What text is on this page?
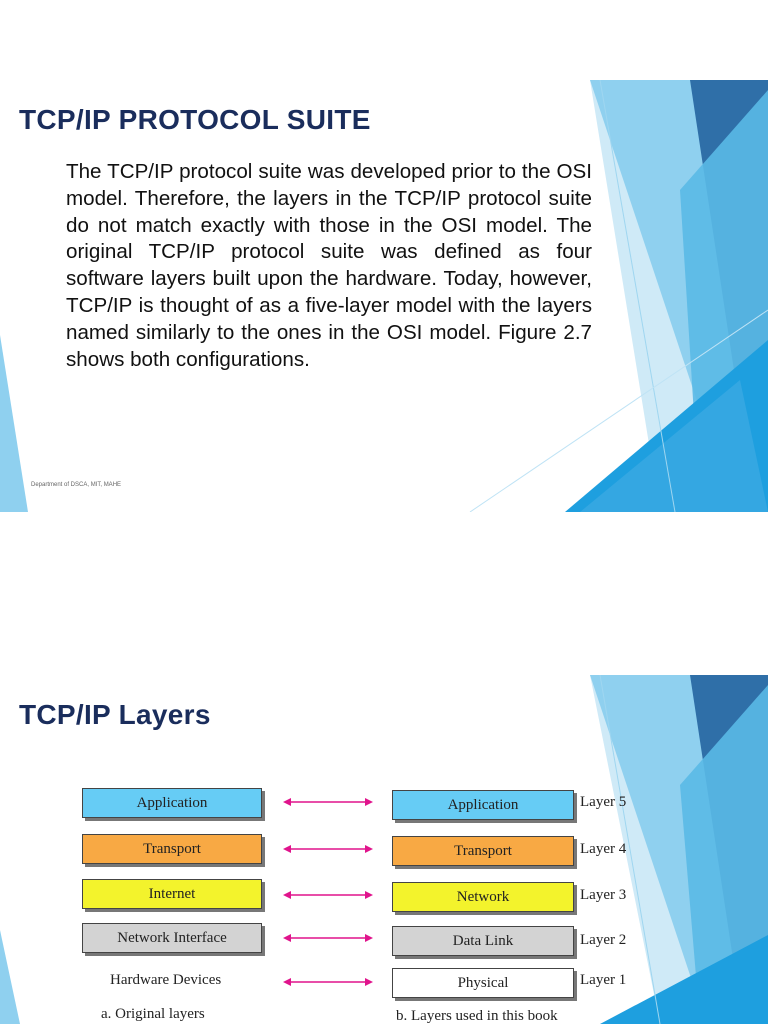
TCP/IP PROTOCOL SUITE

The TCP/IP protocol suite was developed prior to the OSI model. Therefore, the layers in the TCP/IP protocol suite do not match exactly with those in the OSI model. The original TCP/IP protocol suite was defined as four software layers built upon the hardware. Today, however, TCP/IP is thought of as a five-layer model with the layers named similarly to the ones in the OSI model. Figure 2.7 shows both configurations.

Department of DSCA, MIT, MAHE
TCP/IP Layers
Application
Transport
Internet
Network Interface
Hardware Devices
Application
Transport
Network
Data Link
Physical
Layer 5
Layer 4
Layer 3
Layer 2
Layer 1
a. Original layers	b. Layers used in this book
